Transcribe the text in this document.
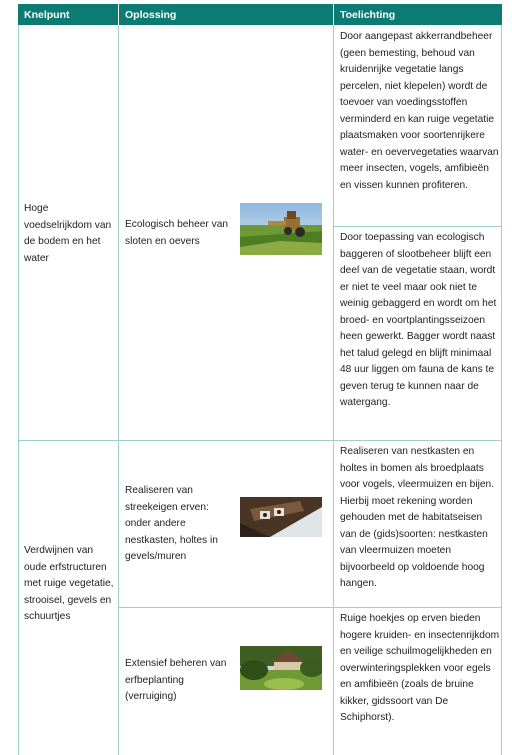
Knelpunt	Oplossing	Toelichting
Hoge voedselrijkdom van de bodem en het water
Ecologisch beheer van sloten en oevers
Door aangepast akkerrandbeheer (geen bemesting, behoud van kruidenrijke vegetatie langs percelen, niet klepelen) wordt de toevoer van voedingsstoffen verminderd en kan ruige vegetatie plaatsmaken voor soortenrijkere water- en oevervegetaties waarvan meer insecten, vogels, amfibieën en vissen kunnen profiteren.
Door toepassing van ecologisch baggeren of slootbeheer blijft een deel van de vegetatie staan, wordt er niet te veel maar ook niet te weinig gebaggerd en wordt om het broed- en voortplantingsseizoen heen gewerkt. Bagger wordt naast het talud gelegd en blijft minimaal 48 uur liggen om fauna de kans te geven terug te kunnen naar de watergang.
Verdwijnen van oude erfstructuren met ruige vegetatie, strooisel, gevels en schuurtjes
Realiseren van streekeigen erven: onder andere nestkasten, holtes in gevels/muren
Realiseren van nestkasten en holtes in bomen als broedplaats voor vogels, vleermuizen en bijen. Hierbij moet rekening worden gehouden met de habitatseisen van de (gids)soorten: nestkasten van vleermuizen moeten bijvoorbeeld op voldoende hoog hangen.
Extensief beheren van erfbeplanting (verruiging)
Ruige hoekjes op erven bieden hogere kruiden- en insectenrijkdom en veilige schuilmogelijkheden en overwinteringsplekken voor egels en amfibieën (zoals de bruine kikker, gidssoort van De Schiphorst).
